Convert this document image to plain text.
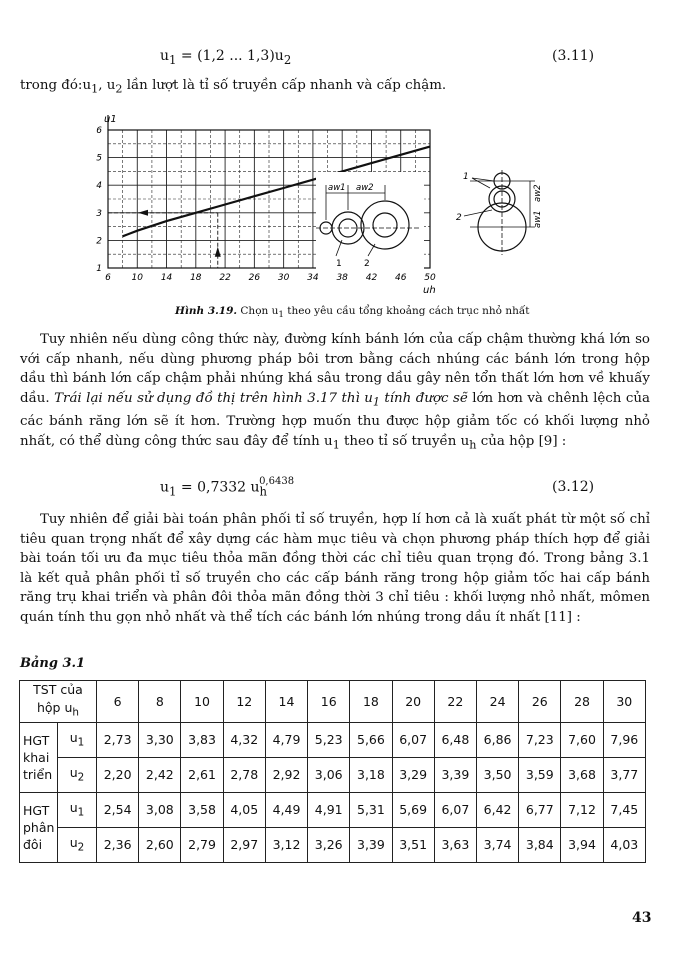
$u_1 = (1,2$ ... $1,3)u_2$	(3.11)
trong $đó:u_1$, $u_2$ lần lượt là tỉ số truyền cấp nhanh và cấp chậm.
6 10 14 18 22 26 30 34 38 42 46 50
1
2
3
4
5
6
u1
uh
aw1 aw2
1 2
1
2
aw2
aw1
Hình 3.19. Chọn $u_1$ theo yêu cầu tổng khoảng cách trục nhỏ nhất

Tuy nhiên nếu dùng công thức này, đường kính bánh lớn của cấp chậm thường khá lớn so với cấp nhanh, nếu dùng phương pháp bôi trơn bằng cách nhúng các bánh lớn trong hộp dầu thì bánh lớn cấp chậm phải nhúng khá sâu trong dầu gây nên tổn thất lớn hơn về khuấy dầu. Trái lại nếu sử dụng đồ thị trên hình 3.17 thì $u_1$ tính được sẽ lớn hơn và chênh lệch của các bánh răng lớn sẽ ít hơn. Trường hợp muốn thu được hộp giảm tốc có khối lượng nhỏ nhất, có thể dùng công thức sau đây để tính $u_1$ theo tỉ số truyền $u_h$ của hộp [9] :

$u_1 = 0,7332$ $u_h^{0,6438}$	(3.12)

Tuy nhiên để giải bài toán phân phối tỉ số truyền, hợp lí hơn cả là xuất phát từ một số chỉ tiêu quan trọng nhất để xây dựng các hàm mục tiêu và chọn phương pháp thích hợp để giải bài toán tối ưu đa mục tiêu thỏa mãn đồng thời các chỉ tiêu quan trọng đó. Trong bảng 3.1 là kết quả phân phối tỉ số truyền cho các cấp bánh răng trong hộp giảm tốc hai cấp bánh răng trụ khai triển và phân đôi thỏa mãn đồng thời 3 chỉ tiêu : khối lượng nhỏ nhất, mômen quán tính thu gọn nhỏ nhất và thể tích các bánh lớn nhúng trong dầu ít nhất [11] :

Bảng 3.1
TST của
hộp $u_h$		6	8	10	12	14	16	18	20	22	24	26	28	30
HGT
khai
triển	$u_1$	2,73	3,30	3,83	4,32	4,79	5,23	5,66	6,07	6,48	6,86	7,23	7,60	7,96
	$u_2$	2,20	2,42	2,61	2,78	2,92	3,06	3,18	3,29	3,39	3,50	3,59	3,68	3,77
HGT
phân
đôi	$u_1$	2,54	3,08	3,58	4,05	4,49	4,91	5,31	5,69	6,07	6,42	6,77	7,12	7,45
	$u_2$	2,36	2,60	2,79	2,97	3,12	3,26	3,39	3,51	3,63	3,74	3,84	3,94	4,03
43
